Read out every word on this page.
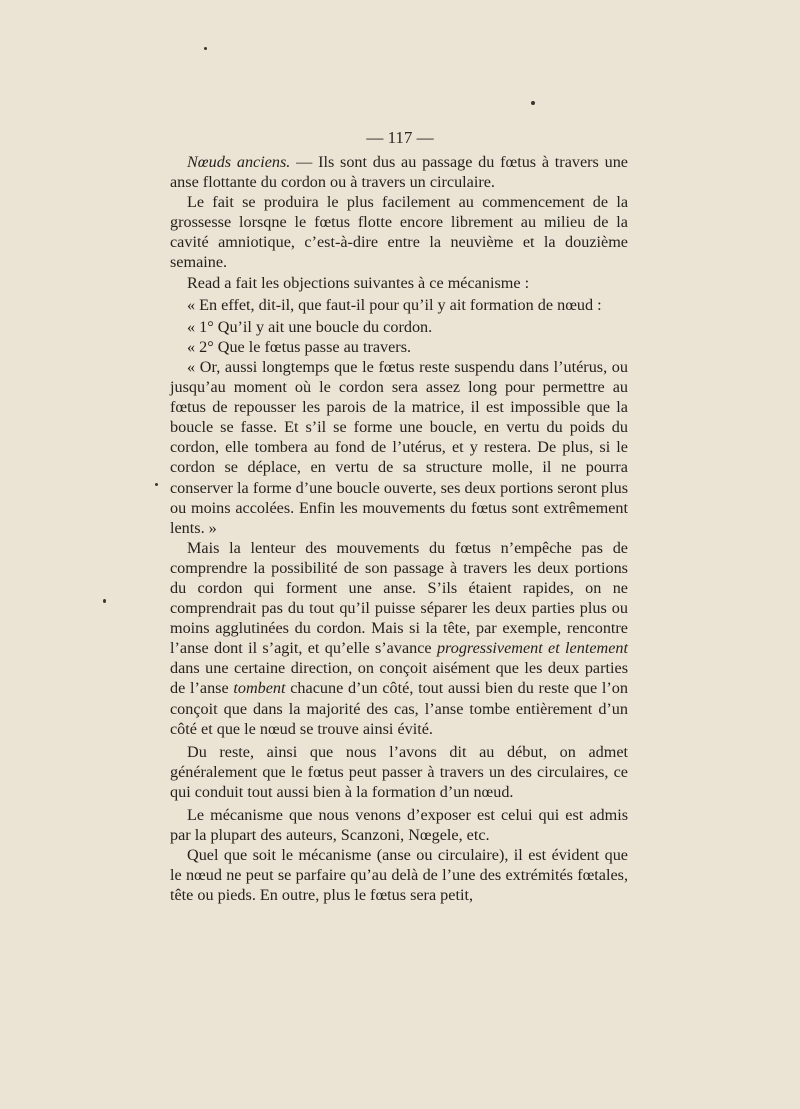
— 117 —

Nœuds anciens. — Ils sont dus au passage du fœtus à travers une anse flottante du cordon ou à travers un circulaire.

Le fait se produira le plus facilement au commencement de la grossesse lorsqne le fœtus flotte encore librement au milieu de la cavité amniotique, c’est-à-dire entre la neuvième et la douzième semaine.

Read a fait les objections suivantes à ce mécanisme :

« En effet, dit-il, que faut-il pour qu’il y ait formation de nœud :

« 1° Qu’il y ait une boucle du cordon.

« 2° Que le fœtus passe au travers.

« Or, aussi longtemps que le fœtus reste suspendu dans l’utérus, ou jusqu’au moment où le cordon sera assez long pour permettre au fœtus de repousser les parois de la matrice, il est impossible que la boucle se fasse. Et s’il se forme une boucle, en vertu du poids du cordon, elle tombera au fond de l’utérus, et y restera. De plus, si le cordon se déplace, en vertu de sa structure molle, il ne pourra conserver la forme d’une boucle ouverte, ses deux portions seront plus ou moins accolées. Enfin les mouvements du fœtus sont extrêmement lents. »

Mais la lenteur des mouvements du fœtus n’empêche pas de comprendre la possibilité de son passage à travers les deux portions du cordon qui forment une anse. S’ils étaient rapides, on ne comprendrait pas du tout qu’il puisse séparer les deux parties plus ou moins agglutinées du cordon. Mais si la tête, par exemple, rencontre l’anse dont il s’agit, et qu’elle s’avance progressivement et lentement dans une certaine direction, on conçoit aisément que les deux parties de l’anse tombent chacune d’un côté, tout aussi bien du reste que l’on conçoit que dans la majorité des cas, l’anse tombe entièrement d’un côté et que le nœud se trouve ainsi évité.

Du reste, ainsi que nous l’avons dit au début, on admet généralement que le fœtus peut passer à travers un des circulaires, ce qui conduit tout aussi bien à la formation d’un nœud.

Le mécanisme que nous venons d’exposer est celui qui est admis par la plupart des auteurs, Scanzoni, Nœgele, etc.

Quel que soit le mécanisme (anse ou circulaire), il est évident que le nœud ne peut se parfaire qu’au delà de l’une des extrémités fœtales, tête ou pieds. En outre, plus le fœtus sera petit,
